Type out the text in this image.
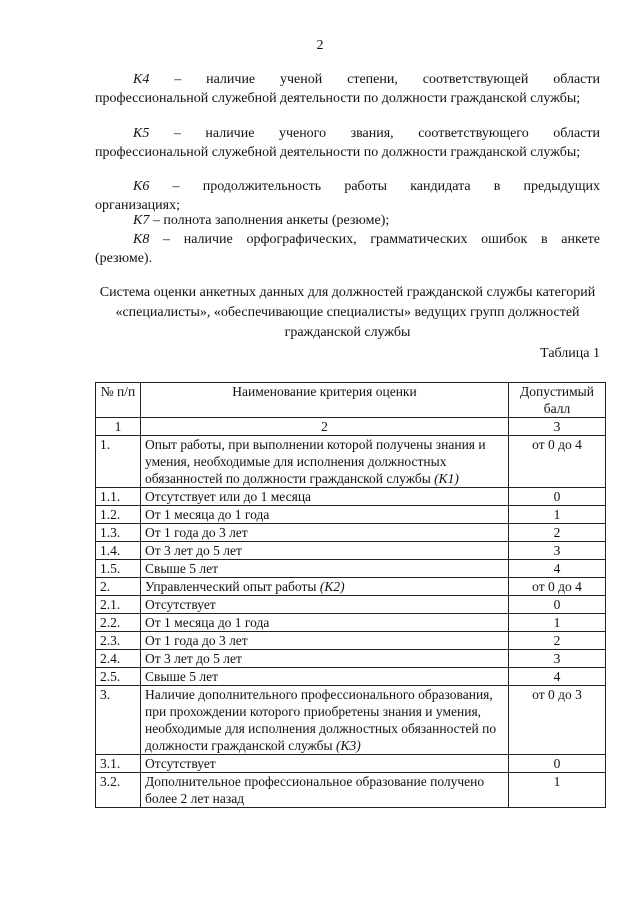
2
K4 – наличие ученой степени, соответствующей области
профессиональной служебной деятельности по должности гражданской службы;
K5 – наличие ученого звания, соответствующего области
профессиональной служебной деятельности по должности гражданской службы;
K6 – продолжительность работы кандидата в предыдущих
организациях;
K7 – полнота заполнения анкеты (резюме);
K8 – наличие орфографических, грамматических ошибок в анкете
(резюме).
Система оценки анкетных данных для должностей гражданской службы категорий «специалисты», «обеспечивающие специалисты» ведущих групп должностей гражданской службы
Таблица 1
№ п/п	Наименование критерия оценки	Допустимый балл
1	2	3
1.	Опыт работы, при выполнении которой получены знания и умения, необходимые для исполнения должностных обязанностей по должности гражданской службы (K1)	от 0 до 4
1.1.	Отсутствует или до 1 месяца	0
1.2.	От 1 месяца до 1 года	1
1.3.	От 1 года до 3 лет	2
1.4.	От 3 лет до 5 лет	3
1.5.	Свыше 5 лет	4
2.	Управленческий опыт работы (K2)	от 0 до 4
2.1.	Отсутствует	0
2.2.	От 1 месяца до 1 года	1
2.3.	От 1 года до 3 лет	2
2.4.	От 3 лет до 5 лет	3
2.5.	Свыше 5 лет	4
3.	Наличие дополнительного профессионального образования, при прохождении которого приобретены знания и умения, необходимые для исполнения должностных обязанностей по должности гражданской службы (K3)	от 0 до 3
3.1.	Отсутствует	0
3.2.	Дополнительное профессиональное образование получено более 2 лет назад	1
